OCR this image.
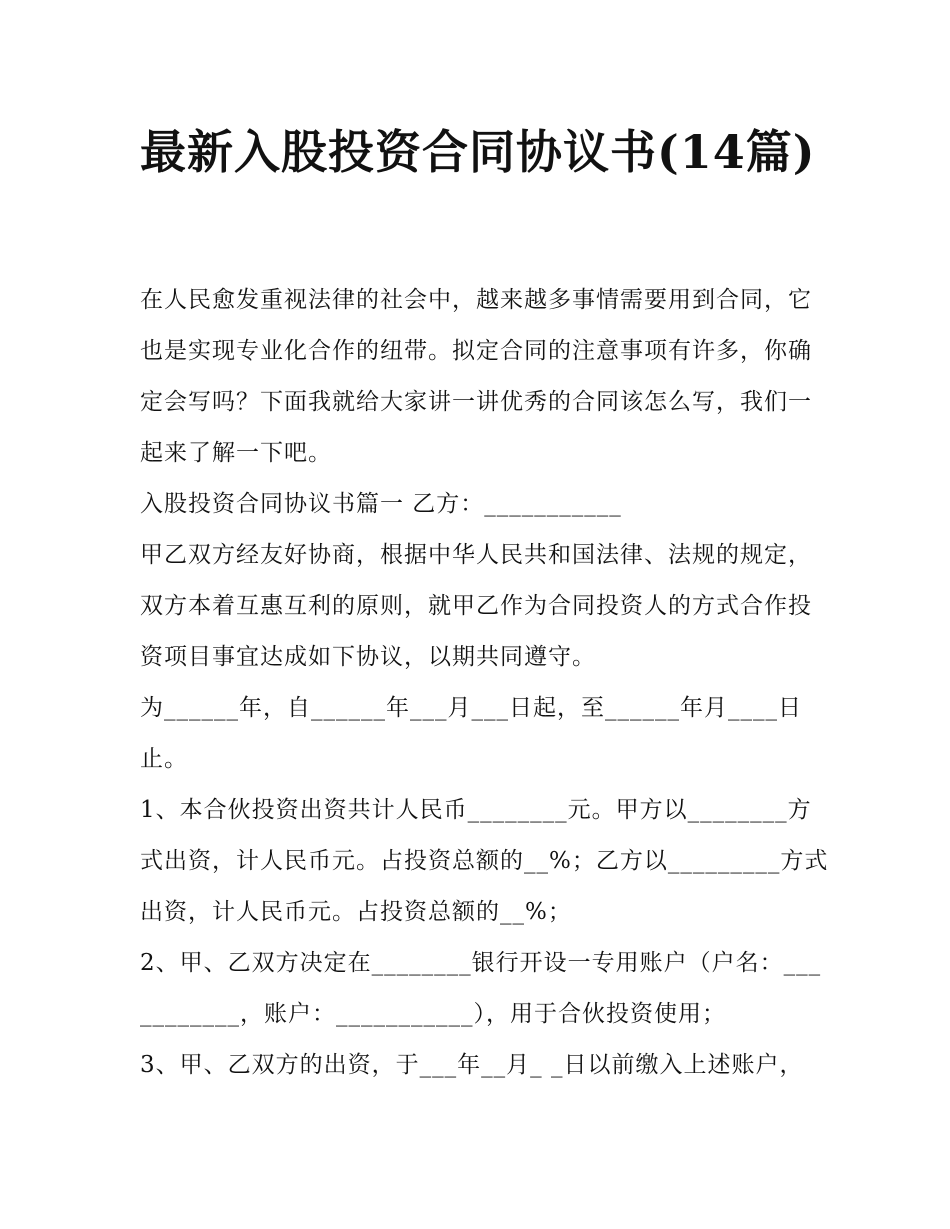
最新入股投资合同协议书(14篇)

在人民愈发重视法律的社会中，越来越多事情需要用到合同，它也是实现专业化合作的纽带。拟定合同的注意事项有许多，你确定会写吗？下面我就给大家讲一讲优秀的合同该怎么写，我们一起来了解一下吧。

入股投资合同协议书篇一 乙方：___________

甲乙双方经友好协商，根据中华人民共和国法律、法规的规定，双方本着互惠互利的原则，就甲乙作为合同投资人的方式合作投资项目事宜达成如下协议，以期共同遵守。

为______年，自______年___月___日起，至______年月____日止。

1、本合伙投资出资共计人民币________元。甲方以________方式出资，计人民币元。占投资总额的__%；乙方以_________方式出资，计人民币元。占投资总额的__%；

2、甲、乙双方决定在________银行开设一专用账户（户名：___________，账户：___________），用于合伙投资使用；

3、甲、乙双方的出资，于___年__月_ _日以前缴入上述账户，
